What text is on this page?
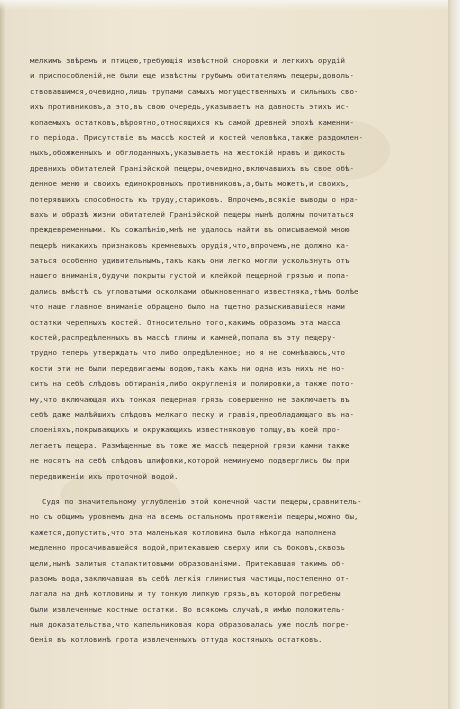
мелкимъ звѣремъ и птицею,требующія извѣстной сноровки и легкихъ орудій
и приспособленій,не были еще извѣстны грубымъ обитателямъ пещеры,доволь-
ствовавшимся,очевидно,лишь трупами самыхъ могущественныхъ и сильныхъ сво-
ихъ противниковъ,а это,въ свою очередь,указываетъ на давность этихъ ис-
копаемыхъ остатковъ,вѣроятно,относящихся къ самой древней эпохѣ каменни-
го періода. Присутствіе въ массѣ костей и костей человѣка,также раздомлен-
ныхъ,обожженныхъ и обглоданныхъ,указываетъ на жестокій нравъ и дикость
древнихъ обитателей Граніэйской пещеры,очевидно,включавшихъ въ свое обѣ-
денное меню и своихъ единокровныхъ противниковъ,а,быть можетъ,и своихъ,
потерявшихъ способность къ труду,стариковъ. Впрочемъ,всякіе выводы о нра-
вахъ и образѣ жизни обитателей Граніэйской пещеры нынѣ должны почитаться
преждевременными. Къ сожалѣнію,мнѣ не удалось найти въ описываемой мною
пещерѣ никакихъ признаковъ кремневыхъ орудія,что,впрочемъ,не должно ка-
заться особенно удивительнымъ,такъ какъ они легко могли ускользнуть отъ
нашего вниманія,будучи покрыты густой и клейкой пещерной грязью и попа-
дались вмѣстѣ съ угловатыми осколками обыкновеннаго известняка,тѣмъ болѣе
что наше главное вниманіе обращено было на тщетно разыскивавшіеся нами
остатки черепныхъ костей. Относительно того,какимъ образомъ эта масса
костей,распредѣленныхъ въ массѣ глины и камней,попала въ эту пещеру-
трудно теперь утверждать что либо опредѣленное; но я не сомнѣваюсь,что
кости эти не были передвигаемы водою,такъ какъ ни одна изъ нихъ не но-
ситъ на себѣ слѣдовъ обтиранія,либо округленія и полировки,а также пото-
му,что включающая ихъ тонкая пещерная грязь совершенно не заключаетъ въ
себѣ даже малѣйшихъ слѣдовъ мелкаго песку и гравія,преобладающаго въ на-
слоеніяхъ,покрывающихъ и окружающихъ известняковую толщу,въ коей про-
легаетъ пещера. Размѣщенные въ тоже же массѣ пещерной грязи камни также
не носятъ на себѣ слѣдовъ шлифовки,которой неминуемо подверглись бы при
передвиженіи ихъ проточной водой.
Судя по значительному углубленію этой конечной части пещеры,сравнитель-
но съ общимъ уровнемъ дна на всемъ остальномъ протяженіи пещеры,можно бы,
кажется,допустить,что эта маленькая котловина была нѣкогда наполнена
медленно просачивавшейся водой,притекавшею сверху или съ боковъ,сквозь
щели,нынѣ залитыя сталактитовыми образованіями. Притекавшая такимъ об-
разомъ вода,заключавшая въ себѣ легкія глинистыя частицы,постепенно от-
лагала на днѣ котловины и ту тонкую липкую грязь,въ которой погребены
были извлеченные костные остатки. Во всякомъ случаѣ,я имѣю положитель-
ныя доказательства,что капельниковая кора образовалась уже послѣ погре-
бенія въ котловинѣ грота извлеченныхъ оттуда костяныхъ остатковъ.
